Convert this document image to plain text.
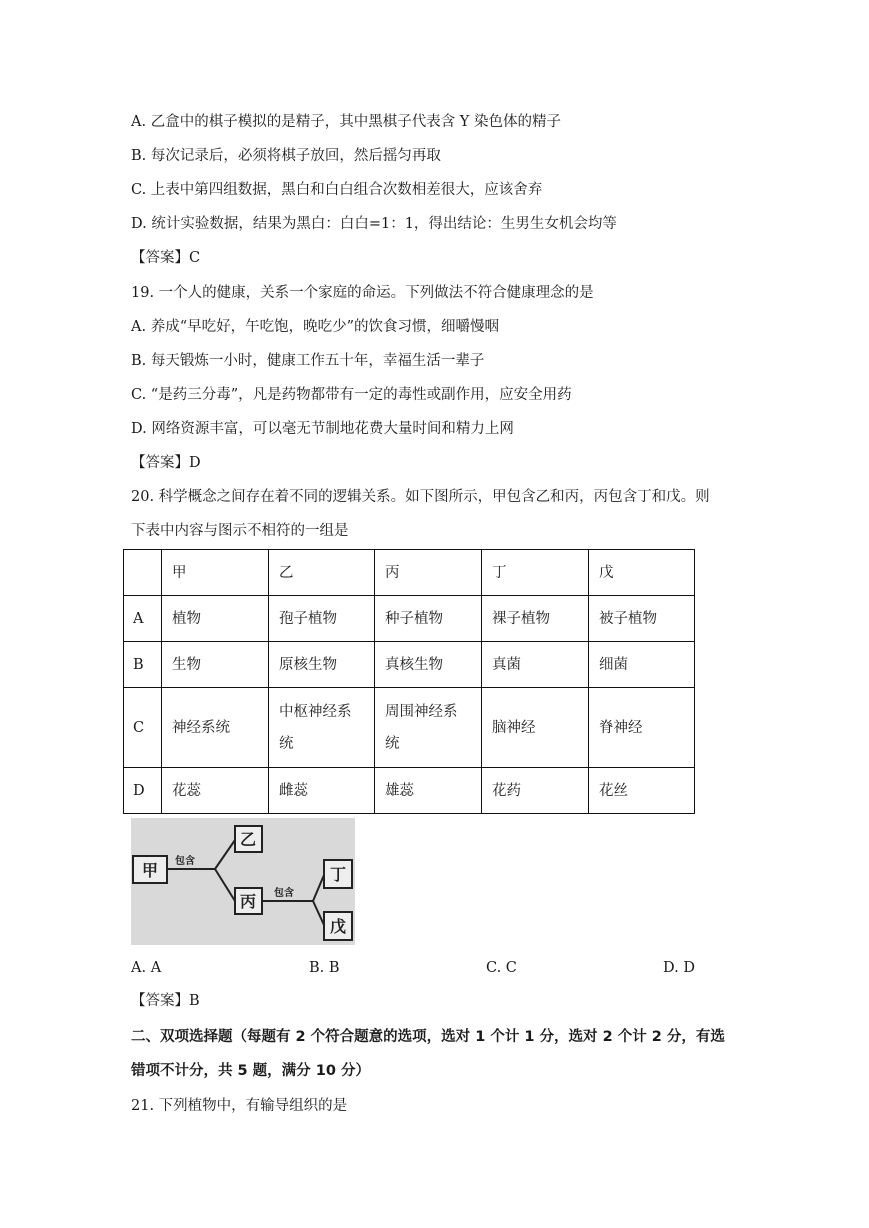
A. 乙盒中的棋子模拟的是精子，其中黑棋子代表含 Y 染色体的精子
B. 每次记录后，必须将棋子放回，然后摇匀再取
C. 上表中第四组数据，黑白和白白组合次数相差很大，应该舍弃
D. 统计实验数据，结果为黑白：白白=1：1，得出结论：生男生女机会均等
【答案】C
19. 一个人的健康，关系一个家庭的命运。下列做法不符合健康理念的是
A. 养成“早吃好，午吃饱，晚吃少”的饮食习惯，细嚼慢咽
B. 每天锻炼一小时，健康工作五十年，幸福生活一辈子
C. “是药三分毒”，凡是药物都带有一定的毒性或副作用，应安全用药
D. 网络资源丰富，可以毫无节制地花费大量时间和精力上网
【答案】D
20. 科学概念之间存在着不同的逻辑关系。如下图所示，甲包含乙和丙，丙包含丁和戊。则
下表中内容与图示不相符的一组是
	甲	乙	丙	丁	戊
A	植物	孢子植物	种子植物	裸子植物	被子植物
B	生物	原核生物	真核生物	真菌	细菌
C	神经系统	中枢神经系统	周围神经系统	脑神经	脊神经
D	花蕊	雌蕊	雄蕊	花药	花丝
甲
乙
丙
丁
戊
包含
包含
A. A	B. B	C. C	D. D
【答案】B
二、双项选择题（每题有 2 个符合题意的选项，选对 1 个计 1 分，选对 2 个计 2 分，有选
错项不计分，共 5 题，满分 10 分）
21. 下列植物中，有输导组织的是
